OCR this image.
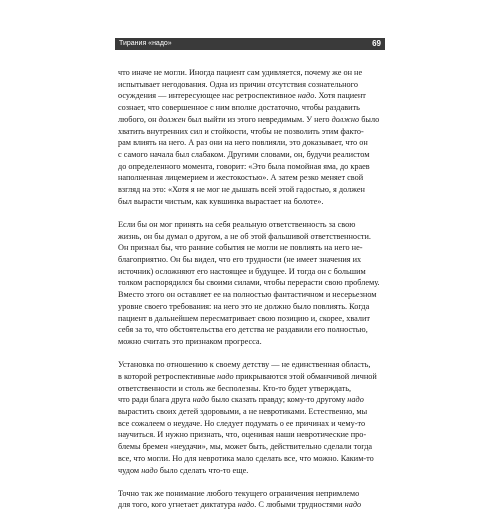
Тирания «надо»	69
что иначе не могли. Иногда пациент сам удивляется, почему же он не
испытывает негодования. Одна из причин отсутствия сознательного
осуждения — интересующее нас ретроспективное надо. Хотя пациент
сознает, что совершенное с ним вполне достаточно, чтобы раздавить
любого, он должен был выйти из этого невредимым. У него должно было
хватить внутренних сил и стойкости, чтобы не позволить этим факто-
рам влиять на него. А раз они на него повлияли, это доказывает, что он
с самого начала был слабаком. Другими словами, он, будучи реалистом
до определенного момента, говорит: «Это была помойная яма, до краев
наполненная лицемерием и жестокостью». А затем резко меняет свой
взгляд на это: «Хотя я не мог не дышать всей этой гадостью, я должен
был вырасти чистым, как кувшинка вырастает на болоте».
Если бы он мог принять на себя реальную ответственность за свою
жизнь, он бы думал о другом, а не об этой фальшивой ответственности.
Он признал бы, что ранние события не могли не повлиять на него не-
благоприятно. Он бы видел, что его трудности (не имеет значения их
источник) осложняют его настоящее и будущее. И тогда он с большим
толком распорядился бы своими силами, чтобы перерасти свою проблему.
Вместо этого он оставляет ее на полностью фантастичном и несерьезном
уровне своего требования: на него это не должно было повлиять. Когда
пациент в дальнейшем пересматривает свою позицию и, скорее, хвалит
себя за то, что обстоятельства его детства не раздавили его полностью,
можно считать это признаком прогресса.
Установка по отношению к своему детству — не единственная область,
в которой ретроспективные надо прикрываются этой обманчивой личной
ответственности и столь же бесполезны. Кто-то будет утверждать,
что ради блага друга надо было сказать правду; кому-то другому надо
вырастить своих детей здоровыми, а не невротиками. Естественно, мы
все сожалеем о неудаче. Но следует подумать о ее причинах и чему-то
научиться. И нужно признать, что, оценивая наши невротические про-
блемы бремен «неудачи», мы, может быть, действительно сделали тогда
все, что могли. Но для невротика мало сделать все, что можно. Каким-то
чудом надо было сделать что-то еще.
Точно так же понимание любого текущего ограничения непримлемо
для того, кого угнетает диктатура надо. С любыми трудностями надо
